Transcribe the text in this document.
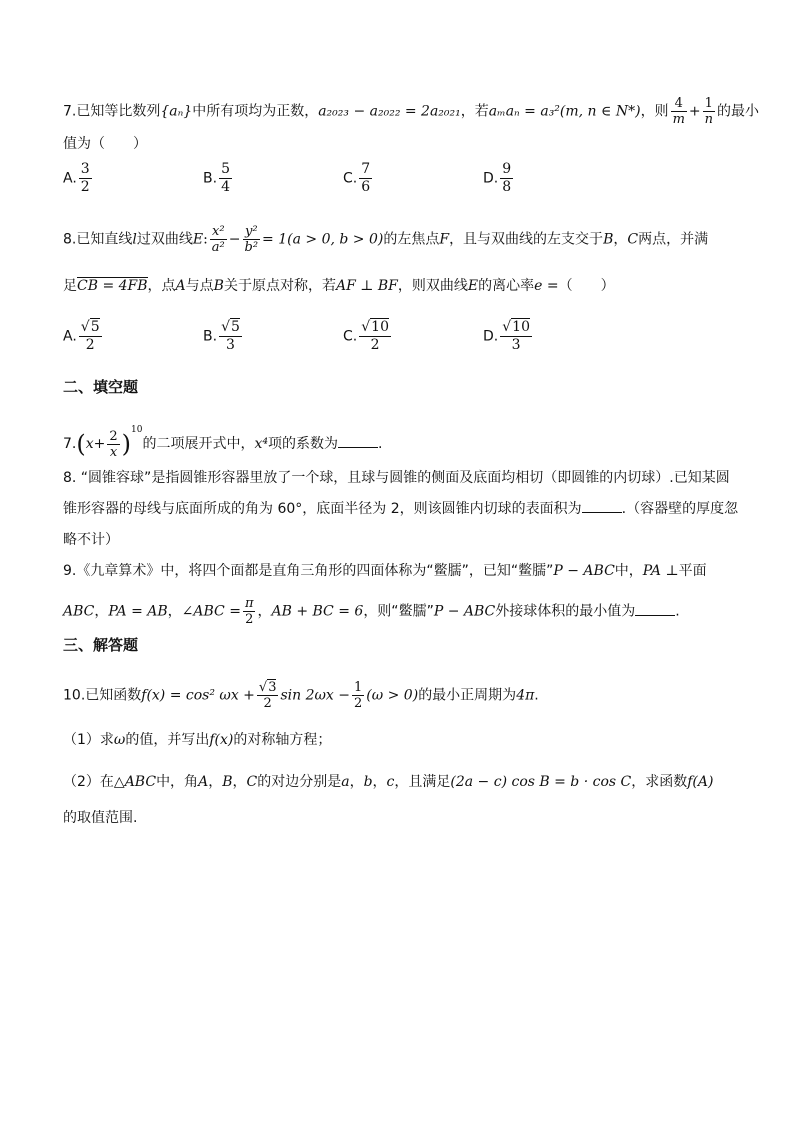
7.已知等比数列{aₙ}中所有项均为正数，a₂₀₂₃ − a₂₀₂₂ = 2a₂₀₂₁，若aₘaₙ = a₃²(m, n ∈ N*)，则 $\frac{4}{m} + \frac{1}{n}$ 的最小
值为（　　）
A. $\frac{3}{2}$	B. $\frac{5}{4}$	C. $\frac{7}{6}$	D. $\frac{9}{8}$
8.已知直线l过双曲线E: $\frac{\text{x²}}{\text{a²}} - \frac{\text{y²}}{\text{b²}} = 1(a > 0$, b > 0)的左焦点F，且与双曲线的左支交于B，C两点，并满
足CB = 4FB，点A与点B关于原点对称，若AF ⊥ BF，则双曲线E的离心率e =（　　）
A. $\frac{√5}{2}$	B. $\frac{√5}{3}$	C. $\frac{√10}{2}$	D. $\frac{√10}{3}$
二、填空题
$7.(x+ \frac{2}{x} )^{10}$的二项展开式中，x⁴项的系数为	.
8. “圆锥容球”是指圆锥形容器里放了一个球，且球与圆锥的侧面及底面均相切（即圆锥的内切球）.已知某圆
锥形容器的母线与底面所成的角为 60°，底面半径为 2，则该圆锥内切球的表面积为	.（容器壁的厚度忽
略不计）
9.《九章算术》中，将四个面都是直角三角形的四面体称为“鳖臑”，已知“鳖臑”P − ABC中，PA ⊥平面
ABC，PA = AB，∠ABC = $\frac{\pi}{2}$ ，AB + BC = 6，则“鳖臑”P − ABC外接球体积的最小值为	.
三、解答题
10.已知函数f(x) = cos² $\omega x + \frac{√3}{2}$ $\sin 2\omega x - \frac{1}{2} (\omega > 0)$的最小正周期为4π.
（1）求ω的值，并写出f(x)的对称轴方程；
（2）在△ABC中，角A，B，C的对边分别是a，b，c，且满足(2a − c) cos B = b · cos C，求函数f(A)
的取值范围.
